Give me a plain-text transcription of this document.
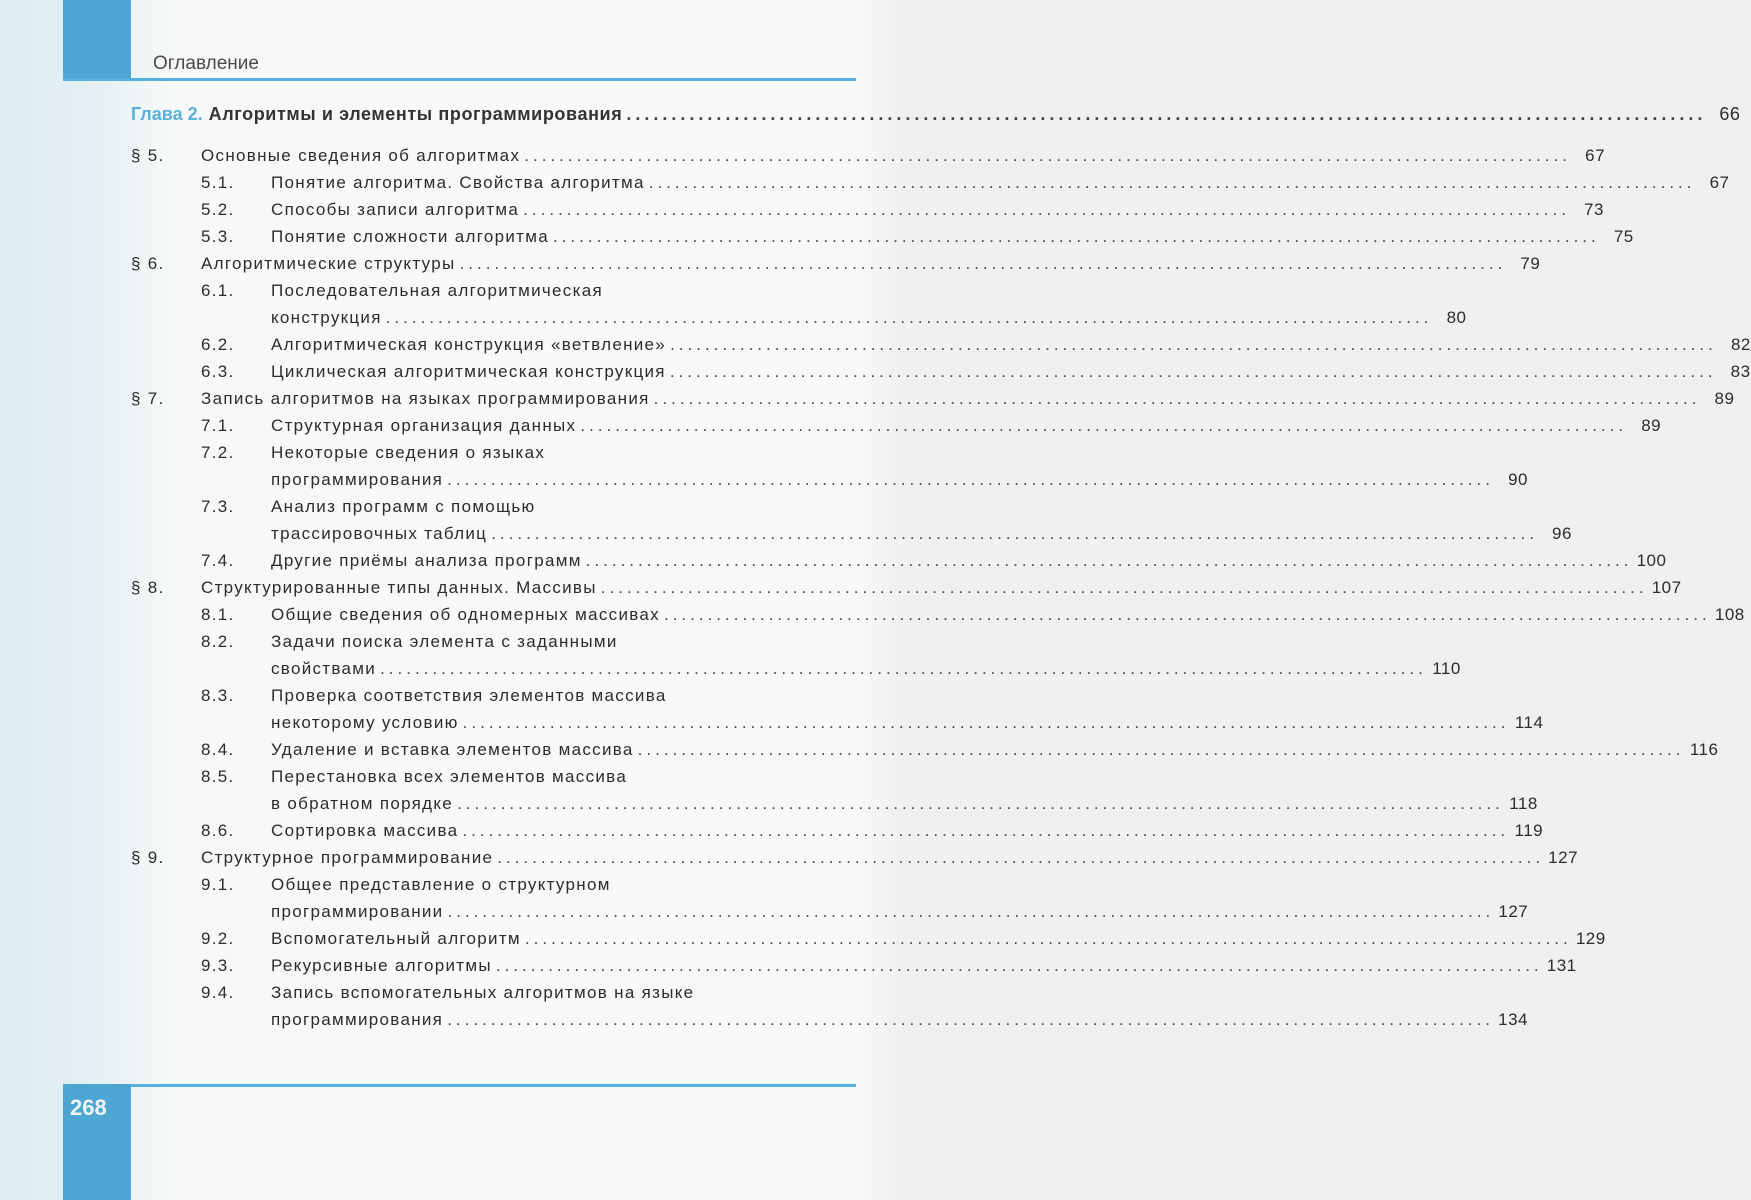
Оглавление
Глава 2. Алгоритмы и элементы программирования ........................................................................................................................ 66
§ 5.	Основные сведения об алгоритмах ........................................................................................................................ 67
5.1.	Понятие алгоритма. Свойства алгоритма ........................................................................................................................ 67
5.2.	Способы записи алгоритма ........................................................................................................................ 73
5.3.	Понятие сложности алгоритма ........................................................................................................................ 75
§ 6.	Алгоритмические структуры ........................................................................................................................ 79
6.1.	Последовательная алгоритмическая
конструкция ........................................................................................................................ 80
6.2.	Алгоритмическая конструкция «ветвление» ........................................................................................................................ 82
6.3.	Циклическая алгоритмическая конструкция ........................................................................................................................ 83
§ 7.	Запись алгоритмов на языках программирования ........................................................................................................................ 89
7.1.	Структурная организация данных ........................................................................................................................ 89
7.2.	Некоторые сведения о языках
программирования ........................................................................................................................ 90
7.3.	Анализ программ с помощью
трассировочных таблиц ........................................................................................................................ 96
7.4.	Другие приёмы анализа программ ........................................................................................................................ 100
§ 8.	Структурированные типы данных. Массивы ........................................................................................................................ 107
8.1.	Общие сведения об одномерных массивах ........................................................................................................................ 108
8.2.	Задачи поиска элемента с заданными
свойствами ........................................................................................................................ 110
8.3.	Проверка соответствия элементов массива
некоторому условию ........................................................................................................................ 114
8.4.	Удаление и вставка элементов массива ........................................................................................................................ 116
8.5.	Перестановка всех элементов массива
в обратном порядке ........................................................................................................................ 118
8.6.	Сортировка массива ........................................................................................................................ 119
§ 9.	Структурное программирование ........................................................................................................................ 127
9.1.	Общее представление о структурном
программировании ........................................................................................................................ 127
9.2.	Вспомогательный алгоритм ........................................................................................................................ 129
9.3.	Рекурсивные алгоритмы ........................................................................................................................ 131
9.4.	Запись вспомогательных алгоритмов на языке
программирования ........................................................................................................................ 134
268
